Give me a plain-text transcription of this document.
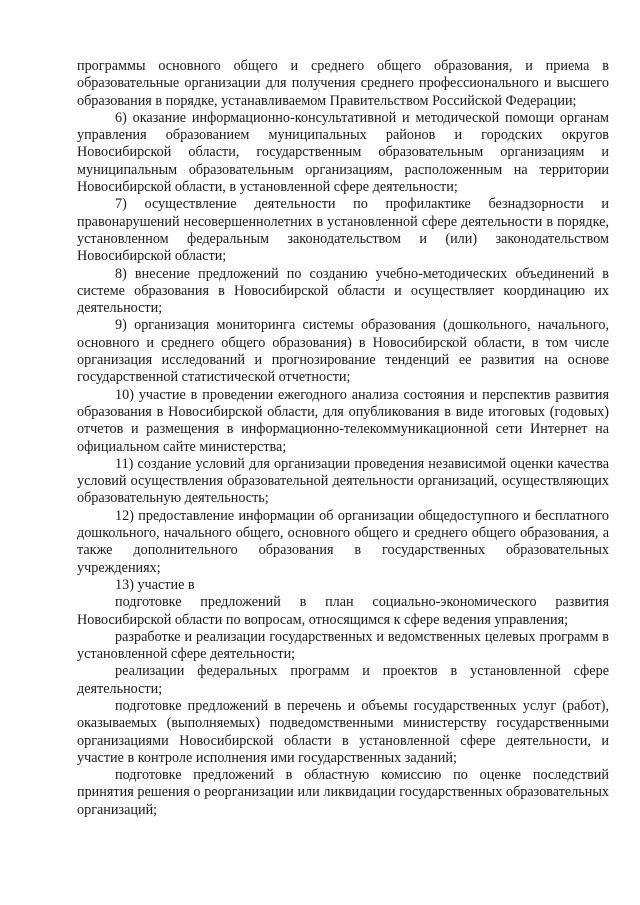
программы основного общего и среднего общего образования, и приема в образовательные организации для получения среднего профессионального и высшего образования в порядке, устанавливаемом Правительством Российской Федерации;

6) оказание информационно-консультативной и методической помощи органам управления образованием муниципальных районов и городских округов Новосибирской области, государственным образовательным организациям и муниципальным образовательным организациям, расположенным на территории Новосибирской области, в установленной сфере деятельности;

7) осуществление деятельности по профилактике безнадзорности и правонарушений несовершеннолетних в установленной сфере деятельности в порядке, установленном федеральным законодательством и (или) законодательством Новосибирской области;

8) внесение предложений по созданию учебно-методических объединений в системе образования в Новосибирской области и осуществляет координацию их деятельности;

9) организация мониторинга системы образования (дошкольного, начального, основного и среднего общего образования) в Новосибирской области, в том числе организация исследований и прогнозирование тенденций ее развития на основе государственной статистической отчетности;

10) участие в проведении ежегодного анализа состояния и перспектив развития образования в Новосибирской области, для опубликования в виде итоговых (годовых) отчетов и размещения в информационно-телекоммуникационной сети Интернет на официальном сайте министерства;

11) создание условий для организации проведения независимой оценки качества условий осуществления образовательной деятельности организаций, осуществляющих образовательную деятельность;

12) предоставление информации об организации общедоступного и бесплатного дошкольного, начального общего, основного общего и среднего общего образования, а также дополнительного образования в государственных образовательных учреждениях;

13) участие в

подготовке предложений в план социально-экономического развития Новосибирской области по вопросам, относящимся к сфере ведения управления;

разработке и реализации государственных и ведомственных целевых программ в установленной сфере деятельности;

реализации федеральных программ и проектов в установленной сфере деятельности;

подготовке предложений в перечень и объемы государственных услуг (работ), оказываемых (выполняемых) подведомственными министерству государственными организациями Новосибирской области в установленной сфере деятельности, и участие в контроле исполнения ими государственных заданий;

подготовке предложений в областную комиссию по оценке последствий принятия решения о реорганизации или ликвидации государственных образовательных организаций;
